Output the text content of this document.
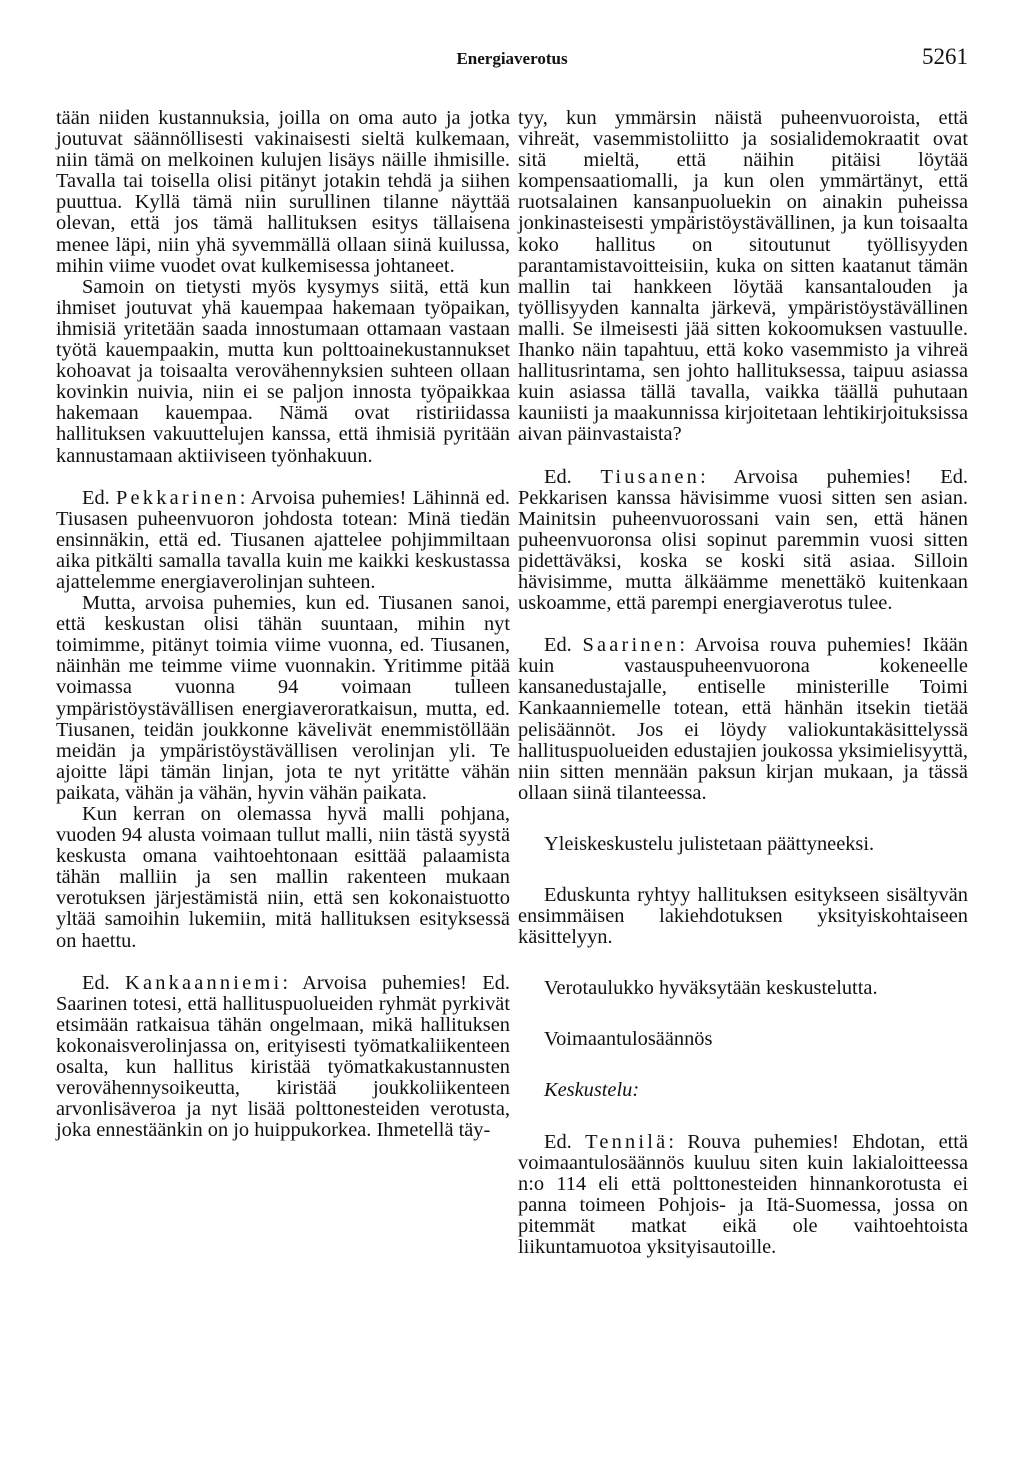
Energiaverotus	5261

tään niiden kustannuksia, joilla on oma auto ja jotka joutuvat säännöllisesti vakinaisesti sieltä kulkemaan, niin tämä on melkoinen kulujen lisäys näille ihmisille. Tavalla tai toisella olisi pitänyt jotakin tehdä ja siihen puuttua. Kyllä tämä niin surullinen tilanne näyttää olevan, että jos tämä hallituksen esitys tällaisena menee läpi, niin yhä syvemmällä ollaan siinä kuilussa, mihin viime vuodet ovat kulkemisessa johtaneet.

Samoin on tietysti myös kysymys siitä, että kun ihmiset joutuvat yhä kauempaa hakemaan työpaikan, ihmisiä yritetään saada innostumaan ottamaan vastaan työtä kauempaakin, mutta kun polttoainekustannukset kohoavat ja toisaalta verovähennyksien suhteen ollaan kovinkin nuivia, niin ei se paljon innosta työpaikkaa hakemaan kauempaa. Nämä ovat ristiriidassa hallituksen vakuuttelujen kanssa, että ihmisiä pyritään kannustamaan aktiiviseen työnhakuun.

Ed. Pekkarinen: Arvoisa puhemies! Lähinnä ed. Tiusasen puheenvuoron johdosta totean: Minä tiedän ensinnäkin, että ed. Tiusanen ajattelee pohjimmiltaan aika pitkälti samalla tavalla kuin me kaikki keskustassa ajattelemme energiaverolinjan suhteen.

Mutta, arvoisa puhemies, kun ed. Tiusanen sanoi, että keskustan olisi tähän suuntaan, mihin nyt toimimme, pitänyt toimia viime vuonna, ed. Tiusanen, näinhän me teimme viime vuonnakin. Yritimme pitää voimassa vuonna 94 voimaan tulleen ympäristöystävällisen energiaveroratkaisun, mutta, ed. Tiusanen, teidän joukkonne kävelivät enemmistöllään meidän ja ympäristöystävällisen verolinjan yli. Te ajoitte läpi tämän linjan, jota te nyt yritätte vähän paikata, vähän ja vähän, hyvin vähän paikata.

Kun kerran on olemassa hyvä malli pohjana, vuoden 94 alusta voimaan tullut malli, niin tästä syystä keskusta omana vaihtoehtonaan esittää palaamista tähän malliin ja sen mallin rakenteen mukaan verotuksen järjestämistä niin, että sen kokonaistuotto yltää samoihin lukemiin, mitä hallituksen esityksessä on haettu.

Ed. Kankaanniemi: Arvoisa puhemies! Ed. Saarinen totesi, että hallituspuolueiden ryhmät pyrkivät etsimään ratkaisua tähän ongelmaan, mikä hallituksen kokonaisverolinjassa on, erityisesti työmatkaliikenteen osalta, kun hallitus kiristää työmatkakustannusten verovähennysoikeutta, kiristää joukkoliikenteen arvonlisäveroa ja nyt lisää polttonesteiden verotusta, joka ennestäänkin on jo huippukorkea. Ihmetellä täy-

tyy, kun ymmärsin näistä puheenvuoroista, että vihreät, vasemmistoliitto ja sosialidemokraatit ovat sitä mieltä, että näihin pitäisi löytää kompensaatiomalli, ja kun olen ymmärtänyt, että ruotsalainen kansanpuoluekin on ainakin puheissa jonkinasteisesti ympäristöystävällinen, ja kun toisaalta koko hallitus on sitoutunut työllisyyden parantamistavoitteisiin, kuka on sitten kaatanut tämän mallin tai hankkeen löytää kansantalouden ja työllisyyden kannalta järkevä, ympäristöystävällinen malli. Se ilmeisesti jää sitten kokoomuksen vastuulle. Ihanko näin tapahtuu, että koko vasemmisto ja vihreä hallitusrintama, sen johto hallituksessa, taipuu asiassa kuin asiassa tällä tavalla, vaikka täällä puhutaan kauniisti ja maakunnissa kirjoitetaan lehtikirjoituksissa aivan päinvastaista?

Ed. Tiusanen: Arvoisa puhemies! Ed. Pekkarisen kanssa hävisimme vuosi sitten sen asian. Mainitsin puheenvuorossani vain sen, että hänen puheenvuoronsa olisi sopinut paremmin vuosi sitten pidettäväksi, koska se koski sitä asiaa. Silloin hävisimme, mutta älkäämme menettäkö kuitenkaan uskoamme, että parempi energiaverotus tulee.

Ed. Saarinen: Arvoisa rouva puhemies! Ikään kuin vastauspuheenvuorona kokeneelle kansanedustajalle, entiselle ministerille Toimi Kankaanniemelle totean, että hänhän itsekin tietää pelisäännöt. Jos ei löydy valiokuntakäsittelyssä hallituspuolueiden edustajien joukossa yksimielisyyttä, niin sitten mennään paksun kirjan mukaan, ja tässä ollaan siinä tilanteessa.

Yleiskeskustelu julistetaan päättyneeksi.

Eduskunta ryhtyy hallituksen esitykseen sisältyvän ensimmäisen lakiehdotuksen yksityiskohtaiseen käsittelyyn.

Verotaulukko hyväksytään keskustelutta.

Voimaantulosäännös

Keskustelu:

Ed. Tennilä: Rouva puhemies! Ehdotan, että voimaantulosäännös kuuluu siten kuin lakialoitteessa n:o 114 eli että polttonesteiden hinnankorotusta ei panna toimeen Pohjois- ja Itä-Suomessa, jossa on pitemmät matkat eikä ole vaihtoehtoista liikuntamuotoa yksityisautoille.
